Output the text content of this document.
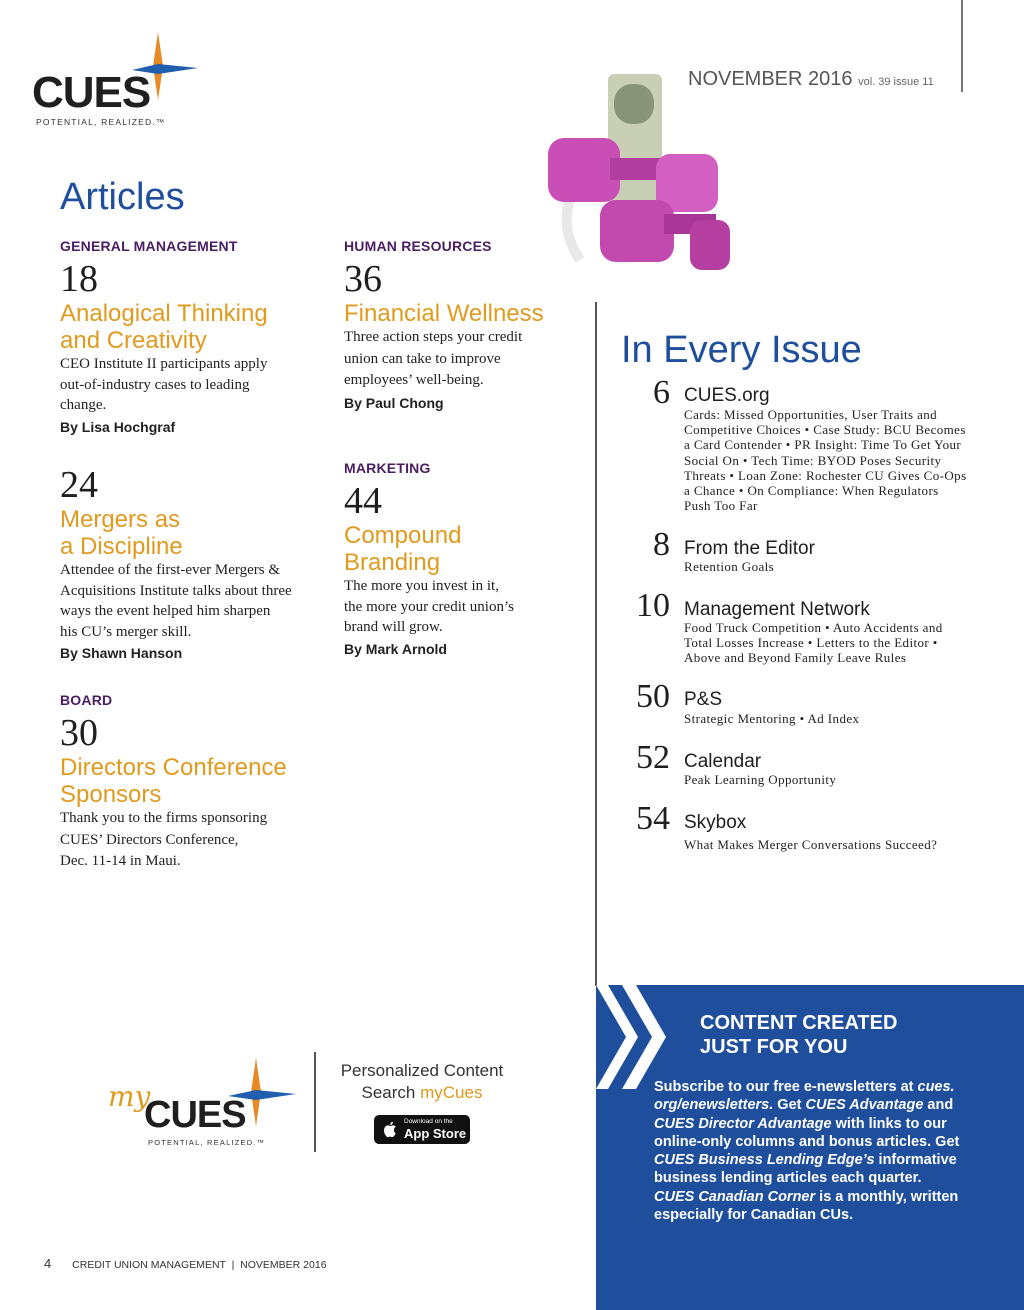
CUES
POTENTIAL, REALIZED.™
NOVEMBER 2016 vol. 39 issue 11
Articles
GENERAL MANAGEMENT
18
Analogical Thinking
and Creativity
CEO Institute II participants apply
out-of-industry cases to leading
change.
By Lisa Hochgraf
24
Mergers as
a Discipline
Attendee of the first-ever Mergers &
Acquisitions Institute talks about three
ways the event helped him sharpen
his CU’s merger skill.
By Shawn Hanson
BOARD
30
Directors Conference
Sponsors
Thank you to the firms sponsoring
CUES’ Directors Conference,
Dec. 11-14 in Maui.
HUMAN RESOURCES
36
Financial Wellness
Three action steps your credit
union can take to improve
employees’ well-being.
By Paul Chong
MARKETING
44
Compound
Branding
The more you invest in it,
the more your credit union’s
brand will grow.
By Mark Arnold
In Every Issue
6 CUES.org
Cards: Missed Opportunities, User Traits and
Competitive Choices • Case Study: BCU Becomes
a Card Contender • PR Insight: Time To Get Your
Social On • Tech Time: BYOD Poses Security
Threats • Loan Zone: Rochester CU Gives Co-Ops
a Chance • On Compliance: When Regulators
Push Too Far
8 From the Editor
Retention Goals
10 Management Network
Food Truck Competition • Auto Accidents and
Total Losses Increase • Letters to the Editor •
Above and Beyond Family Leave Rules
50 P&S
Strategic Mentoring • Ad Index
52 Calendar
Peak Learning Opportunity
54 Skybox
What Makes Merger Conversations Succeed?
my
CUES
POTENTIAL, REALIZED.™
Personalized Content
Search myCues
Download on the
App Store
CONTENT CREATED
JUST FOR YOU
Subscribe to our free e-newsletters at cues.
org/enewsletters. Get CUES Advantage and
CUES Director Advantage with links to our
online-only columns and bonus articles. Get
CUES Business Lending Edge’s informative
business lending articles each quarter.
CUES Canadian Corner is a monthly, written
especially for Canadian CUs.
4 CREDIT UNION MANAGEMENT  |  NOVEMBER 2016
